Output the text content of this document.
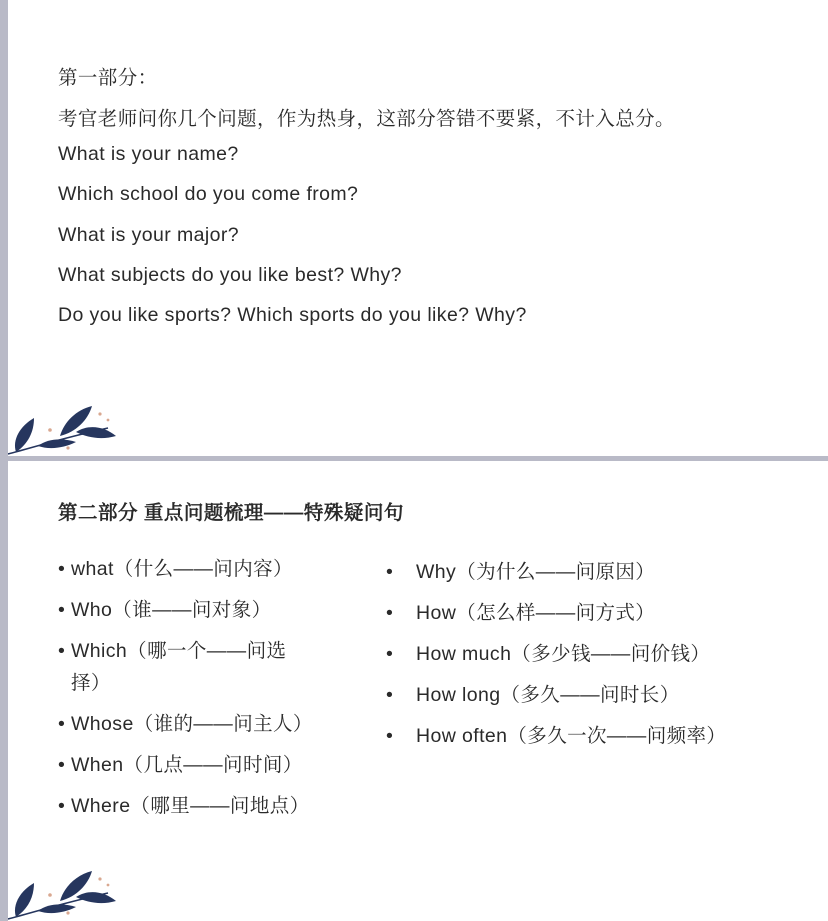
第一部分：
考官老师问你几个问题，作为热身，这部分答错不要紧，不计入总分。
What is your name?
Which school do you come from?
What is your major?
What subjects do you like best? Why?
Do you like sports? Which sports do you like? Why?
第二部分 重点问题梳理——特殊疑问句
• what（什么——问内容）
• Who（谁——问对象）
• Which（哪一个——问选择）
• Whose（谁的——问主人）
• When（几点——问时间）
• Where（哪里——问地点）
•	Why（为什么——问原因）
•	How（怎么样——问方式）
•	How much（多少钱——问价钱）
•	How long（多久——问时长）
•	How often（多久一次——问频率）
